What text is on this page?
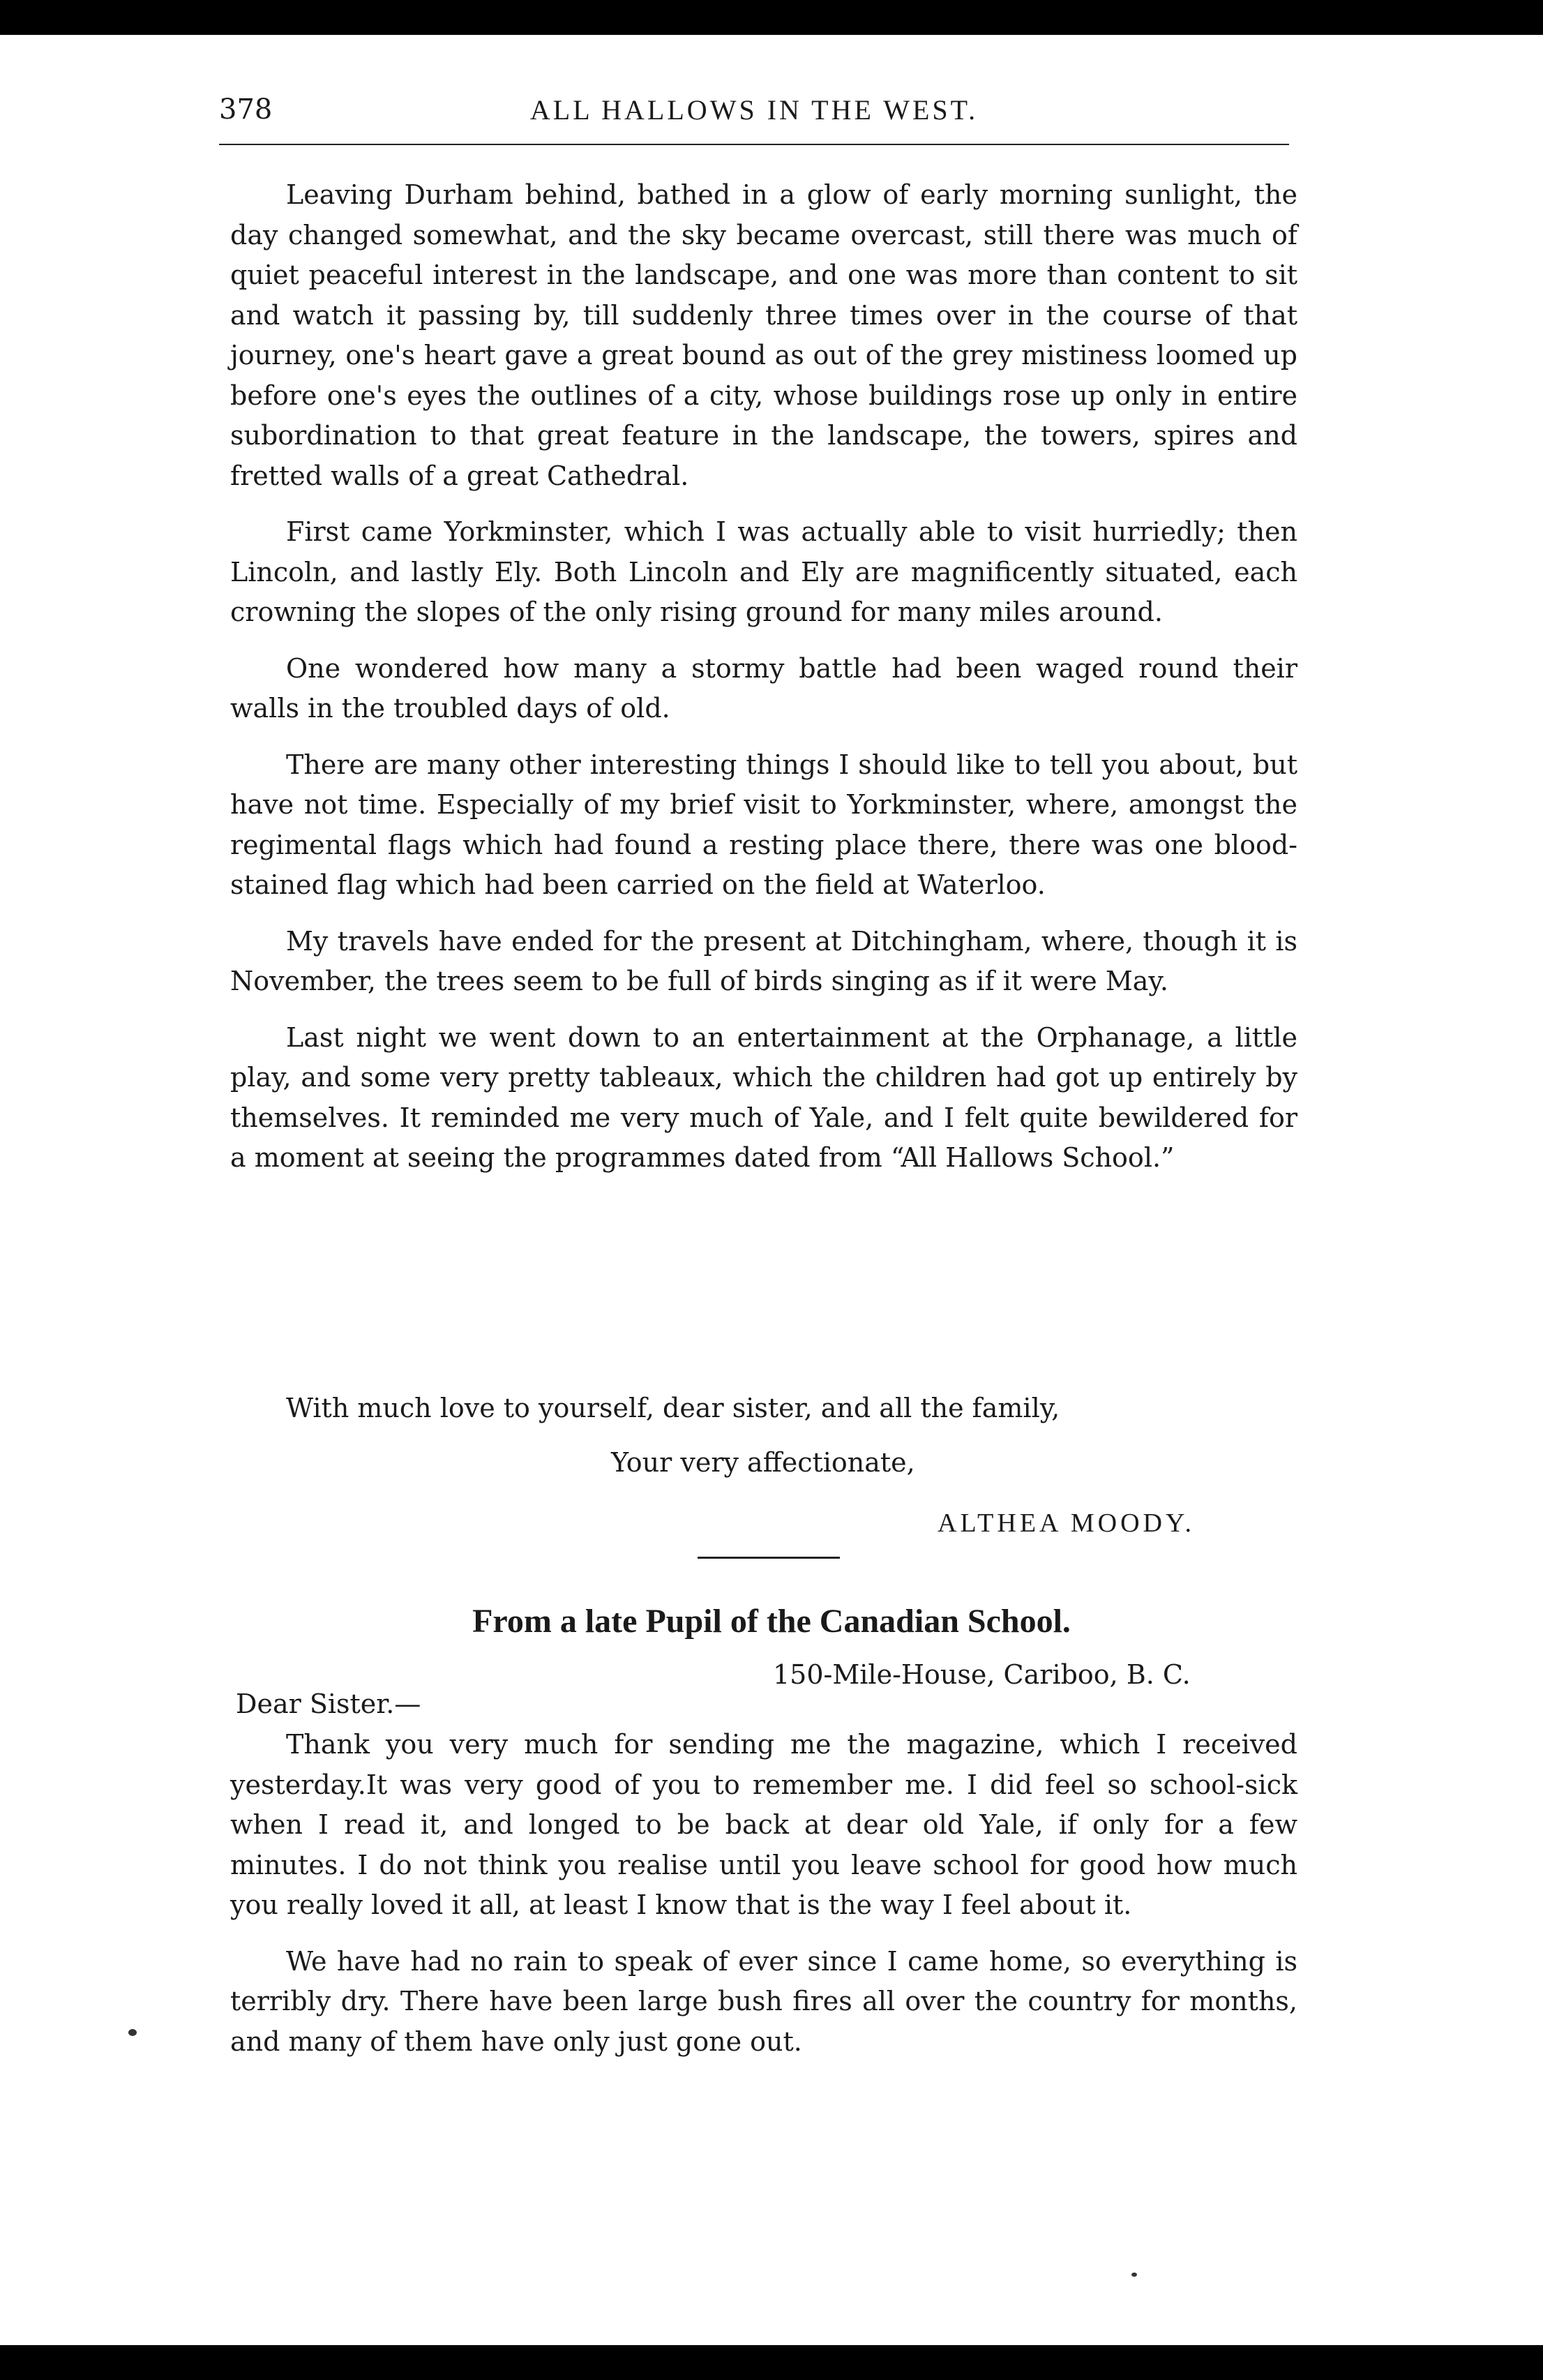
378	ALL HALLOWS IN THE WEST.

Leaving Durham behind, bathed in a glow of early morning sunlight, the day changed somewhat, and the sky became overcast, still there was much of quiet peaceful interest in the landscape, and one was more than content to sit and watch it passing by, till suddenly three times over in the course of that journey, one's heart gave a great bound as out of the grey mistiness loomed up before one's eyes the outlines of a city, whose buildings rose up only in entire subordination to that great feature in the landscape, the towers, spires and fretted walls of a great Cathedral.

First came Yorkminster, which I was actually able to visit hurriedly; then Lincoln, and lastly Ely. Both Lincoln and Ely are magnificently situated, each crowning the slopes of the only rising ground for many miles around.

One wondered how many a stormy battle had been waged round their walls in the troubled days of old.

There are many other interesting things I should like to tell you about, but have not time. Especially of my brief visit to Yorkminster, where, amongst the regimental flags which had found a resting place there, there was one blood-stained flag which had been carried on the field at Waterloo.

My travels have ended for the present at Ditchingham, where, though it is November, the trees seem to be full of birds singing as if it were May.

Last night we went down to an entertainment at the Orphanage, a little play, and some very pretty tableaux, which the children had got up entirely by themselves. It reminded me very much of Yale, and I felt quite bewildered for a moment at seeing the programmes dated from “All Hallows School.”

With much love to yourself, dear sister, and all the family,
Your very affectionate,
ALTHEA MOODY.
From a late Pupil of the Canadian School.
150-Mile-House, Cariboo, B. C.
Dear Sister.—

Thank you very much for sending me the magazine, which I received yesterday.It was very good of you to remember me. I did feel so school-sick when I read it, and longed to be back at dear old Yale, if only for a few minutes. I do not think you realise until you leave school for good how much you really loved it all, at least I know that is the way I feel about it.

We have had no rain to speak of ever since I came home, so everything is terribly dry. There have been large bush fires all over the country for months, and many of them have only just gone out.
